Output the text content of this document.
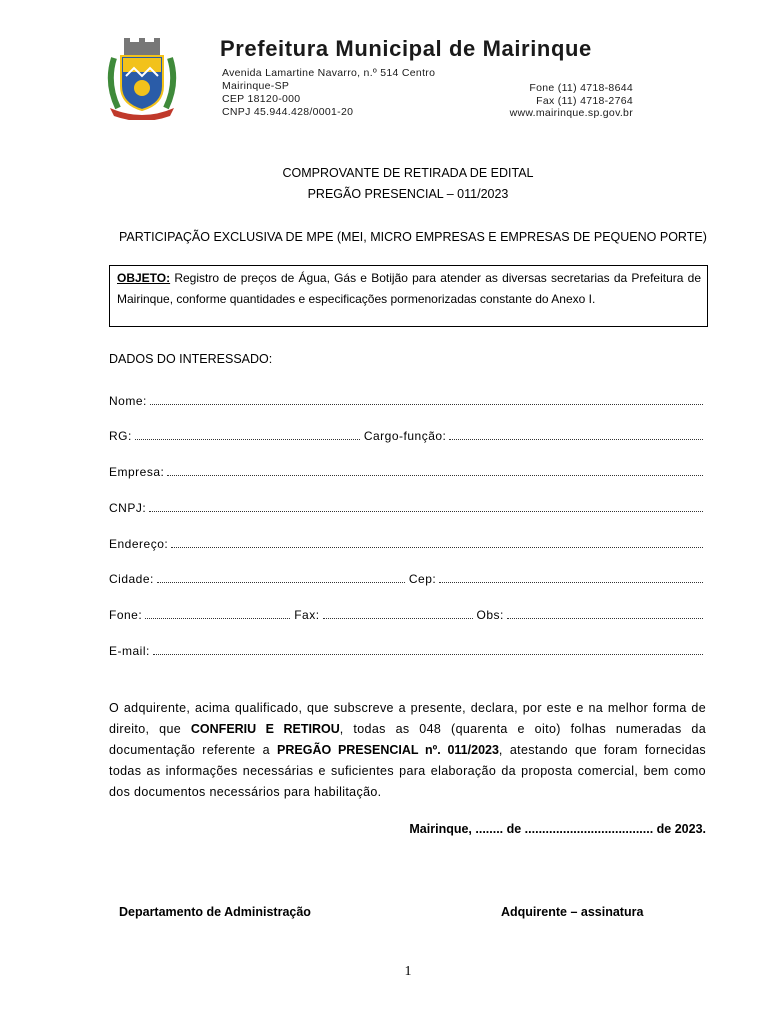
Prefeitura Municipal de Mairinque
Avenida Lamartine Navarro, n.º 514 Centro
Mairinque-SP
CEP 18120-000
CNPJ 45.944.428/0001-20
Fone (11) 4718-8644
Fax (11) 4718-2764
www.mairinque.sp.gov.br
COMPROVANTE DE RETIRADA DE EDITAL
PREGÃO PRESENCIAL – 011/2023
PARTICIPAÇÃO EXCLUSIVA DE MPE (MEI, MICRO EMPRESAS E EMPRESAS DE PEQUENO PORTE)
OBJETO: Registro de preços de Água, Gás e Botijão para atender as diversas secretarias da Prefeitura de Mairinque, conforme quantidades e especificações pormenorizadas constante do Anexo I.
DADOS DO INTERESSADO:
Nome:
RG:	Cargo-função:
Empresa:
CNPJ:
Endereço:
Cidade:	Cep:
Fone:	Fax:	Obs:
E-mail:
O adquirente, acima qualificado, que subscreve a presente, declara, por este e na melhor forma de direito, que CONFERIU E RETIROU, todas as 048 (quarenta e oito) folhas numeradas da documentação referente a PREGÃO PRESENCIAL nº. 011/2023, atestando que foram fornecidas todas as informações necessárias e suficientes para elaboração da proposta comercial, bem como dos documentos necessários para habilitação.
Mairinque, ........ de ..................................... de 2023.
Departamento de Administração	Adquirente – assinatura
1
